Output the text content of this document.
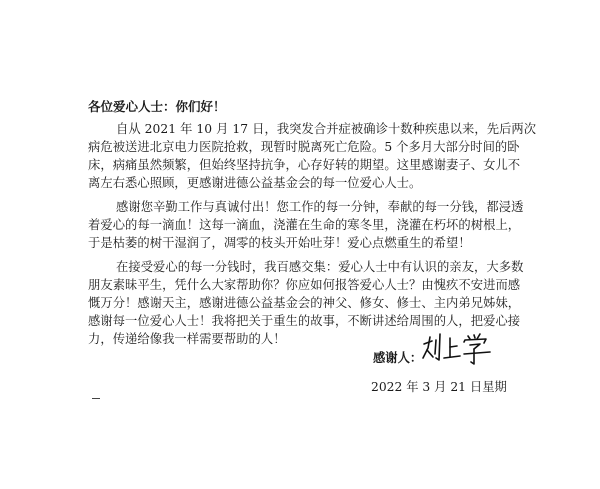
各位爱心人士：你们好！
自从 2021 年 10 月 17 日，我突发合并症被确诊十数种疾患以来，先后两次
病危被送进北京电力医院抢救，现暂时脱离死亡危险。5 个多月大部分时间的卧
床，病痛虽然频繁，但始终坚持抗争，心存好转的期望。这里感谢妻子、女儿不
离左右悉心照顾，更感谢进德公益基金会的每一位爱心人士。
感谢您辛勤工作与真诚付出！您工作的每一分钟，奉献的每一分钱，都浸透
着爱心的每一滴血！这每一滴血，浇灌在生命的寒冬里，浇灌在朽坏的树根上，
于是枯萎的树干湿润了，凋零的枝头开始吐芽！爱心点燃重生的希望！
在接受爱心的每一分钱时，我百感交集：爱心人士中有认识的亲友，大多数
朋友素昧平生，凭什么大家帮助你？你应如何报答爱心人士？由愧疚不安进而感
慨万分！感谢天主，感谢进德公益基金会的神父、修女、修士、主内弟兄姊妹，
感谢每一位爱心人士！我将把关于重生的故事，不断讲述给周围的人，把爱心接
力，传递给像我一样需要帮助的人！
感谢人：
2022 年 3 月 21 日星期
